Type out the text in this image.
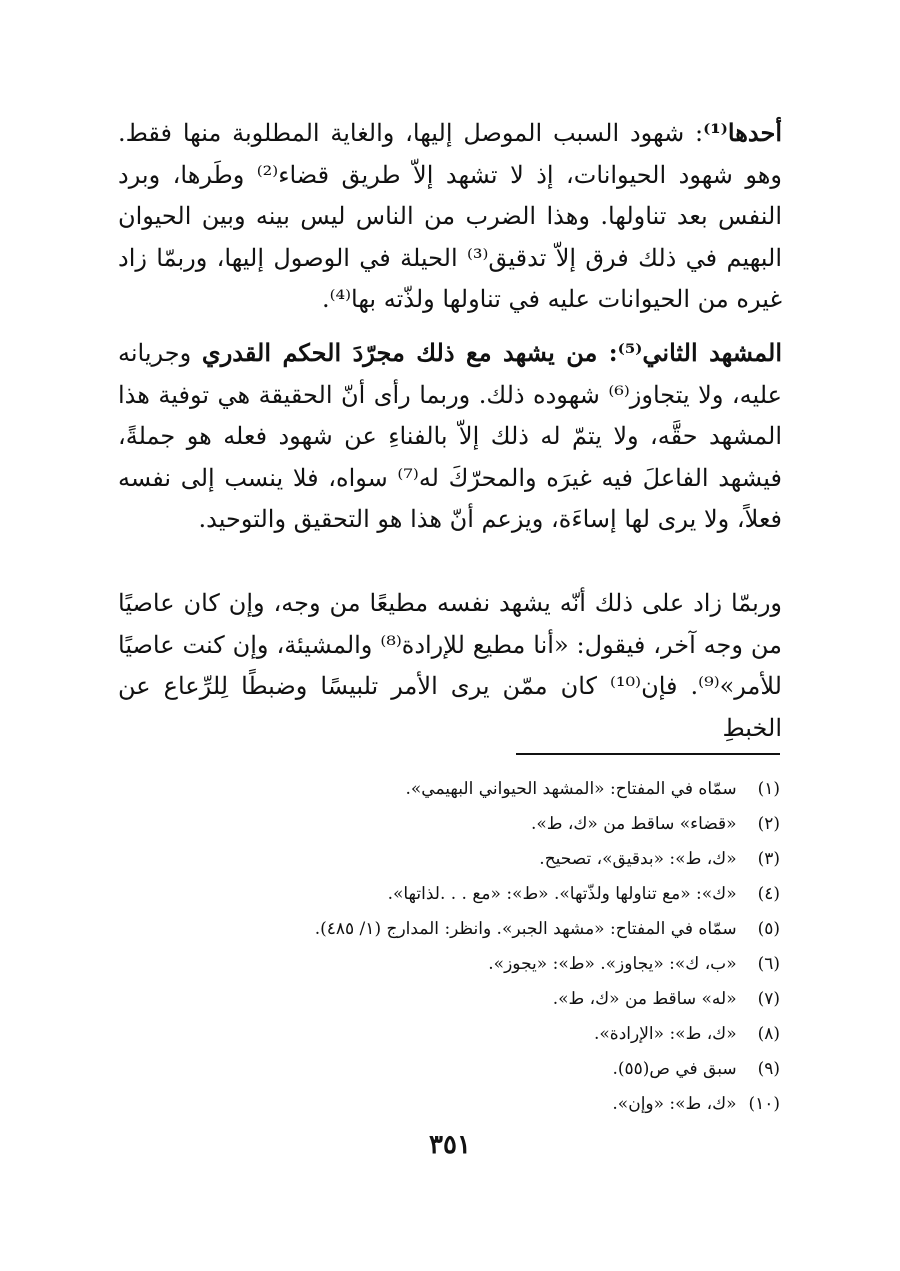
أحدها⁽¹⁾: شهود السبب الموصل إليها، والغاية المطلوبة منها فقط. وهو شهود الحيوانات، إذ لا تشهد إلاّ طريق قضاء⁽²⁾ وطَرها، وبرد النفس بعد تناولها. وهذا الضرب من الناس ليس بينه وبين الحيوان البهيم في ذلك فرق إلاّ تدقيق⁽³⁾ الحيلة في الوصول إليها، وربمّا زاد غيره من الحيوانات عليه في تناولها ولذّته بها⁽⁴⁾.

المشهد الثاني⁽⁵⁾: من يشهد مع ذلك مجرّدَ الحكم القدري وجريانه عليه، ولا يتجاوز⁽⁶⁾ شهوده ذلك. وربما رأى أنّ الحقيقة هي توفية هذا المشهد حقَّه، ولا يتمّ له ذلك إلاّ بالفناءِ عن شهود فعله هو جملةً، فيشهد الفاعلَ فيه غيرَه والمحرّكَ له⁽⁷⁾ سواه، فلا ينسب إلى نفسه فعلاً، ولا يرى لها إساءَة، ويزعم أنّ هذا هو التحقيق والتوحيد.

وربمّا زاد على ذلك أنّه يشهد نفسه مطيعًا من وجه، وإن كان عاصيًا من وجه آخر، فيقول: «أنا مطيع للإرادة⁽⁸⁾ والمشيئة، وإن كنت عاصيًا للأمر»⁽⁹⁾. فإن⁽¹⁰⁾ كان ممّن يرى الأمر تلبيسًا وضبطًا لِلرِّعاع عن الخبطِ

(١) سمّاه في المفتاح: «المشهد الحيواني البهيمي».

(٢) «قضاء» ساقط من «ك، ط».

(٣) «ك، ط»: «بدقيق»، تصحيح.

(٤) «ك»: «مع تناولها ولذّتها». «ط»: «مع . . .لذاتها».

(٥) سمّاه في المفتاح: «مشهد الجبر». وانظر: المدارج (١/ ٤٨٥).

(٦) «ب، ك»: «يجاوز». «ط»: «يجوز».

(٧) «له» ساقط من «ك، ط».

(٨) «ك، ط»: «الإرادة».

(٩) سبق في ص(٥٥).

(١٠) «ك، ط»: «وإن».

٣٥١
